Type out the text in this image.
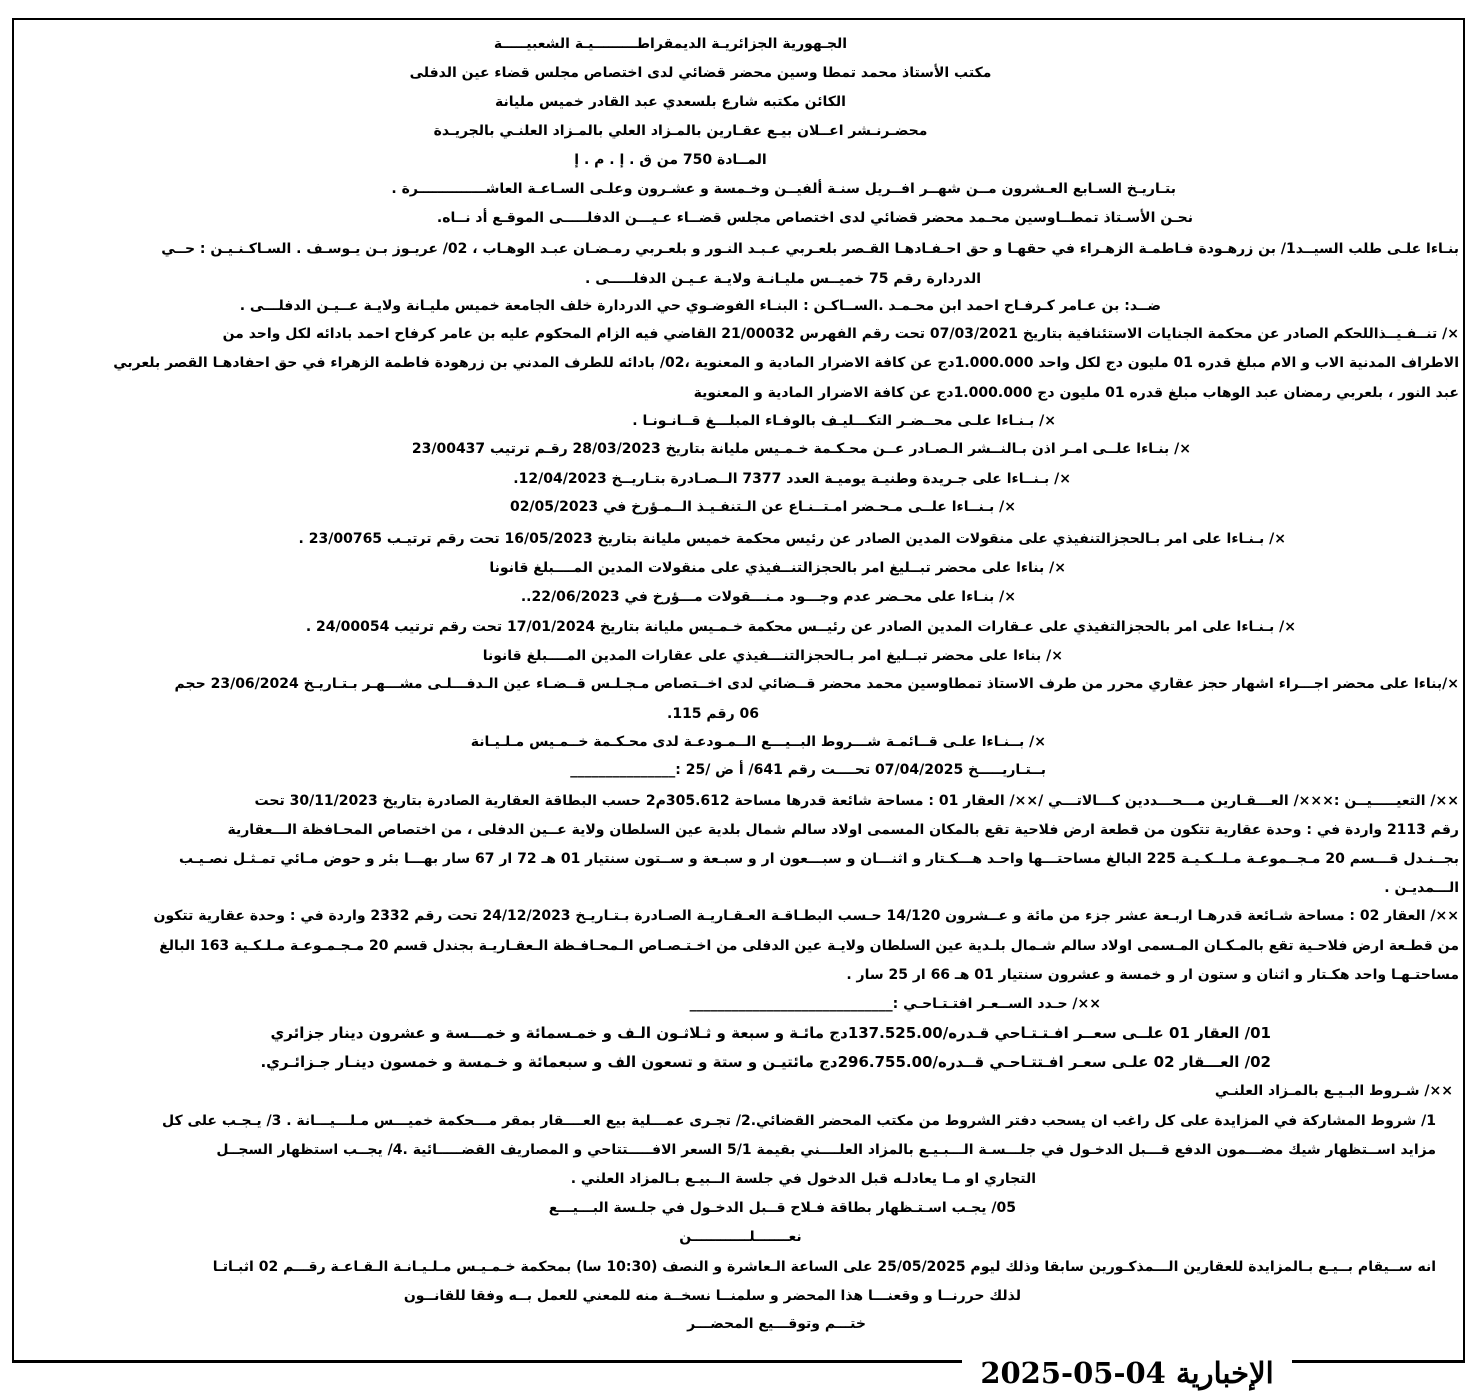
الجـهورية الجزائريـة الديمقراطـــــــــيـة الشعبيـــــة
مكتب الأستاذ محمد تمطا وسين محضر قضائي لدى اختصاص مجلس قضاء عين الدفلى
الكائن مكتبه شارع بلسعدي عبد القادر خميس مليانة
محضـرنـشر اعــلان بيـع عقـارين بالمـزاد العلي بالمـزاد العلنـي بالجريـدة
المــادة 750 من ق . إ . م . إ
بتـاريـخ السـابع العـشرون مــن شهــر افــريل سنـة ألفيــن وخـمسة و عشـرون وعلـى السـاعـة العاشــــــــــــــرة .
نحـن الأسـتاذ تمطــاوسين محـمد محضر قضائي لدى اختصاص مجلس قضــاء عـيـــن الدفلـــــى الموقـع أد نــاه.
بنـاءا علـى طلب السيــد1/ بن زرهـودة فـاطمـة الزهـراء في حقهـا و حق احـفـادهـا القـصر بلعـربي عـبـد النـور و بلعـربي رمـضـان عبـد الوهـاب ، 02/ عريـوز بـن يـوسـف . السـاكـنـيـن : حــي
الدردارة رقم 75 خميــس مليـانـة ولايـة عـيـن الدفلـــــى .
ضــد: بن عـامر كـرفـاح احمد ابن محـمـد .الســاكـن : البنـاء الفوضـوي حي الدردارة خلف الجامعة خميس مليـانة ولايـة عــيـن الدفلـــى .
×/ تنــفـيــذاللحكم الصادر عن محكمة الجنايات الاستئنافية بتاريخ 07/03/2021 تحت رقم الفهرس 21/00032 القاضي فيه الزام المحكوم عليه بن عامر كرفاح احمد بادائه لكل واحد من
الاطراف المدنية الاب و الام مبلغ قدره 01 مليون دج لكل واحد 1.000.000دج عن كافة الاضرار المادية و المعنوية ،02/ بادائه للطرف المدني بن زرهودة فاطمة الزهراء في حق احفادهـا القصر بلعربي
عبد النور ، بلعربي رمضان عبد الوهاب مبلغ قدره 01 مليون دج 1.000.000دج عن كافة الاضرار المادية و المعنوية
×/ بـنـاءا علـى محــضـر التكـــليـف بالوفـاء المبلـــغ قــانـونـا .
×/ بنـاءا علــى امـر اذن بـالنــشر الـصـادر عــن محـكـمة خـمـيس مليانة بتاريخ 28/03/2023 رقـم ترتيب 23/00437
×/ بـنــاءا على جـريدة وطنيـة يوميـة العدد 7377 الــصـادرة بتـاريــخ 12/04/2023.
×/ بـنــاءا علــى مـحـضر امـتــنـاع عن الـتنفـيـذ الــمـؤرخ في 02/05/2023
×/ بـنـاءا على امر بـالحجزالتنفيذي على منقولات المدين الصادر عن رئيس محكمة خميس مليانة بتاريخ 16/05/2023 تحت رقم ترتيـب 23/00765 .
×/ بناءا على محضر تبــليغ امر بالحجزالتنــفيذي على منقولات المدين المــــبلغ قانونا
×/ بنـاءا على محـضر عدم وجـــود مـنـــقولات مـــؤرخ في 22/06/2023..
×/ بـنـاءا على امر بالحجزالتفيذي على عـقارات المدين الصادر عن رئيــس محكمة خـمـيس مليانة بتاريخ 17/01/2024 تحت رقم ترتيب 24/00054 .
×/ بناءا على محضر تبــليغ امر بـالحجزالتنـــفيذي على عقارات المدين المــــبلغ قانونا
×/بناءا على محضر اجـــراء اشهار حجز عقاري محرر من طرف الاستاذ تمطاوسين محمد محضر قــضائي لدى اخــتصاص مـجـلـس قــضـاء عين الـدفـــلـى مشـــهـر بـتـاريـخ 23/06/2024 حجم
06 رقم 115.
×/ بــنـاءا علـى قــائمـة شـــروط البــيـــع الــمـودعـة لدى محـكـمة خــمـيس مـلـيـانة
بــتـاريـــــخ 07/04/2025 تحــــت رقم 641/ أ ض /25 :_______________
××/ التعيـــــيــن :×××/ العـــقـارين مـــحـــددين كـــالاتـــي /××/ العقار 01 : مساحة شائعة قدرها مساحة 305.612م2 حسب البطاقة العقارية الصادرة بتاريخ 30/11/2023 تحت
رقم 2113 واردة في : وحدة عقارية تتكون من قطعة ارض فلاحية تقع بالمكان المسمى اولاد سالم شمال بلدية عين السلطان ولاية عــين الدفلى ، من اختصاص المحـافظة الـــعقارية
بجــنـدل قـــسم 20 مـجــموعـة مـلــكـيـة 225 البالغ مساحتـــها واحـد هـــكـتار و اثنـــان و سبـــعون ار و سبـعة و ســتون سنتيار 01 هـ 72 ار 67 سار بهـــا بئر و حوض مـائي تمـثـل نصـيـب
الـــمديـن .
××/ العقار 02 : مساحة شـائعة قدرهـا اربـعة عشر جزء من مائة و عــشرون 14/120 حـسب البطـاقـة العـقـاريـة الصـادرة بـتـاريـخ 24/12/2023 تحت رقم 2332 واردة في : وحدة عقارية تتكون
من قطـعة ارض فلاحـية تقع بالمـكـان المـسمى اولاد سالم شـمال بلـدية عين السلطان ولايـة عين الدفلى من اخـتـصـاص الـمحـافـظة الـعقـاريـة بجندل قسم 20 مـجـمـوعـة مـلـكـية 163 البالغ
مساحتـهـا واحد هكـتار و اثنان و ستون ار و خمسة و عشرون سنتيار 01 هـ 66 ار 25 سار .
××/ حـدد الســعـر افتـتـاحـي :_____________________________
01/ العقار 01 علــى سعــر افـتـتـاحي قـدره/137.525.00دج مائـة و سبعة و ثـلاثـون الـف و خمـسمائة و خمـــسة و عشرون دينار جزائري
02/ العـــقار 02 علـى سعـر افـتتـاحـي قــدره/296.755.00دج مائتيـن و ستة و تسعون الف و سبعمائة و خـمسة و خمسون دينـار جـزائـري.
××/ شـروط البـيـع بالمـزاد العلنـي
1/ شروط المشاركة في المزايدة على كل راغب ان يسحب دفتر الشروط من مكتب المحضر القضائي.2/ تجـرى عمـــلية بيع العــــقار بمقر مـــحكمة خميـــس مـلـــيـــانة . 3/ يـجـب على كل
مزايد اســتظهار شيك مضـــمون الدفع قـــبل الدخـول في جلـــسـة الـــبـيـع بالمزاد العلــــني بقيمة 5/1 السعر الافـــــتتاحي و المصاريف القضـــــائية .4/ يجــب استظهار السجــل
التجاري او مـا يعادلـه قبل الدخول في جلسة الــبيـع بـالمزاد العلني .
05/ يجـب اسـتـظهار بطاقة فـلاح قــبل الدخـول في جلـسة البـــيـــع
نعـــــــلــــــــــــن
انه ســيقام بــيـع بـالمزايدة للعقارين الـــمذكـورين سابقا وذلك ليوم 25/05/2025 على الساعة الـعاشرة و النصف (10:30 سا) بمحكمة خـمـيـس مـلـيـانـة الـقـاعـة رقـــم 02 اثبـاتـا
لذلك حررنــا و وقعنـــا هذا المحضر و سلمنــا نسخــة منه للمعني للعمل بــه وفقا للقانــون
ختـــم وتوقـــيع المحضـــر
الإخبارية 04-05-2025
